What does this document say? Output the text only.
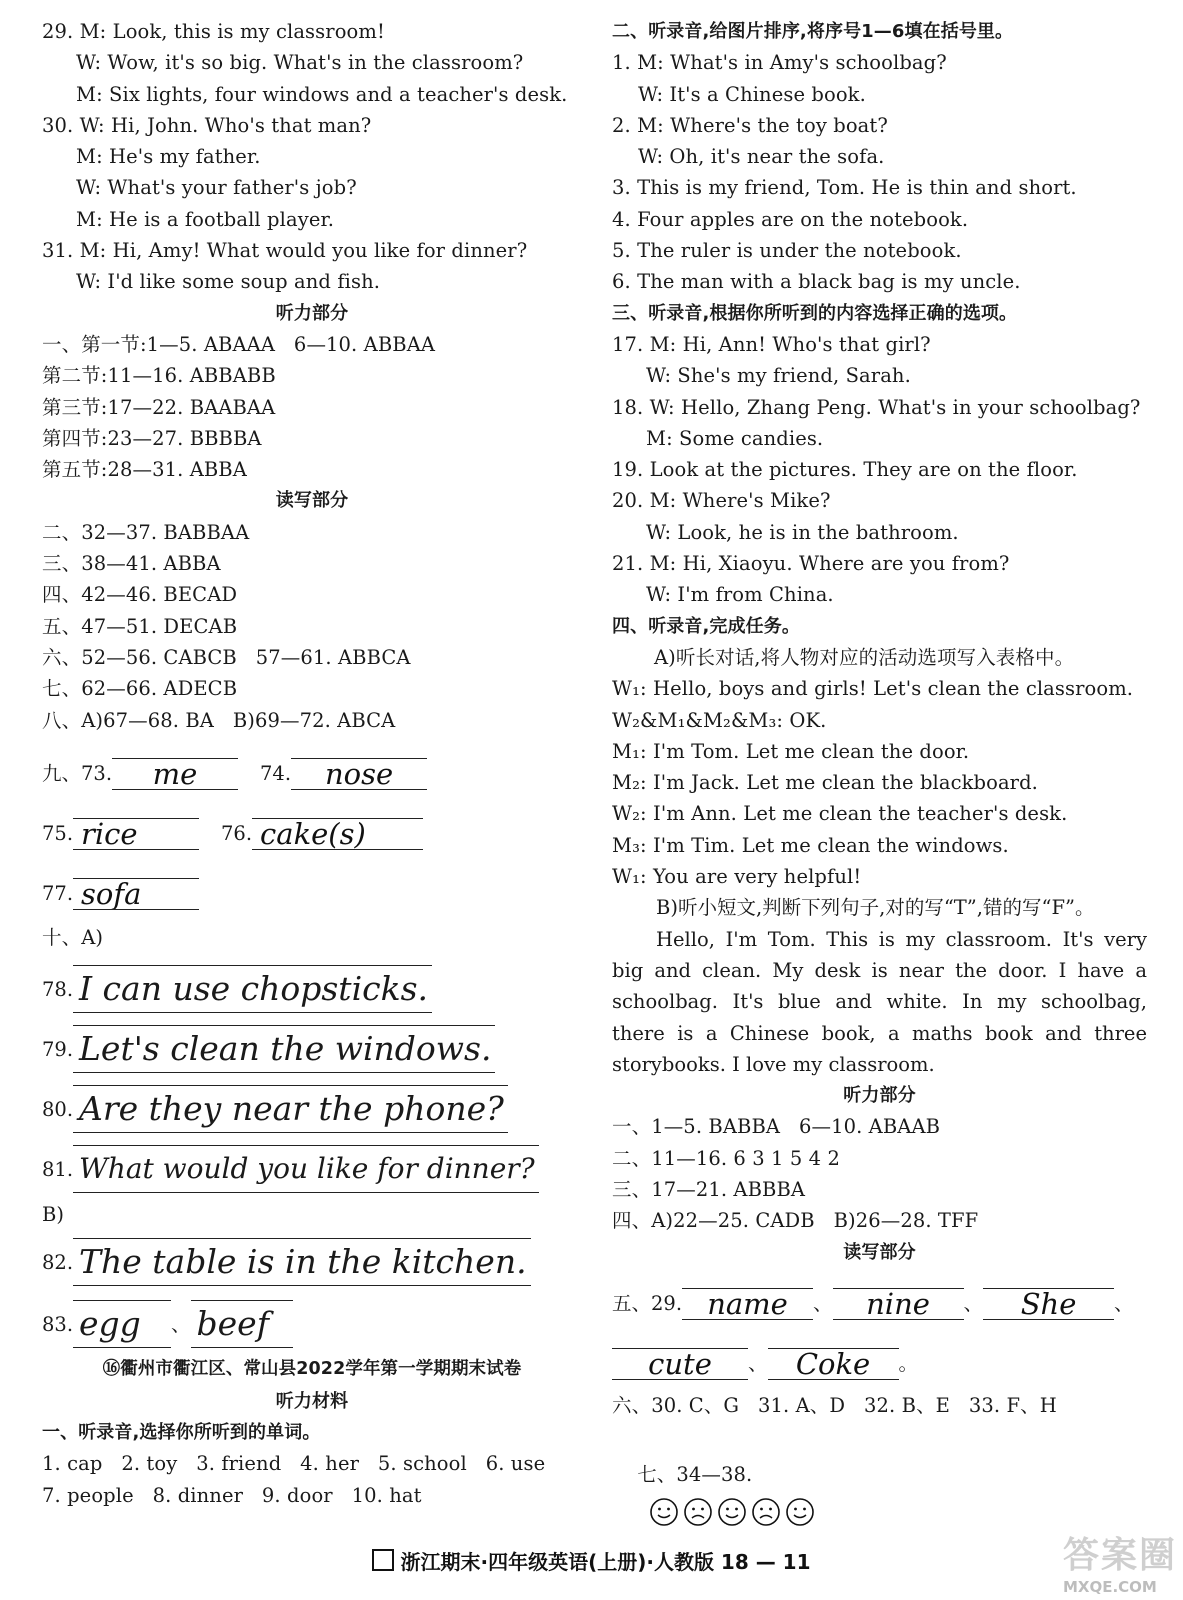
29. M: Look, this is my classroom!
W: Wow, it's so big. What's in the classroom?
M: Six lights, four windows and a teacher's desk.
30. W: Hi, John. Who's that man?
M: He's my father.
W: What's your father's job?
M: He is a football player.
31. M: Hi, Amy! What would you like for dinner?
W: I'd like some soup and fish.
听力部分
一、第一节:1—5. ABAAA   6—10. ABBAA
第二节:11—16. ABBABB
第三节:17—22. BAABAA
第四节:23—27. BBBBA
第五节:28—31. ABBA
读写部分
二、32—37. BABBAA
三、38—41. ABBA
四、42—46. BECAD
五、47—51. DECAB
六、52—56. CABCB   57—61. ABBCA
七、62—66. ADECB
八、A)67—68. BA   B)69—72. ABCA
九、73.	me	74.	nose
75. rice	76. cake(s)
77. sofa
十、A)
78. I can use chopsticks.
79. Let's clean the windows.
80. Are they near the phone?
81. What would you like for dinner?
B)
82. The table is in the kitchen.
83. egg	、 beef
⑯衢州市衢江区、常山县2022学年第一学期期末试卷
听力材料
一、听录音,选择你所听到的单词。
1. cap   2. toy   3. friend   4. her   5. school   6. use
7. people   8. dinner   9. door   10. hat
二、听录音,给图片排序,将序号1—6填在括号里。
1. M: What's in Amy's schoolbag?
W: It's a Chinese book.
2. M: Where's the toy boat?
W: Oh, it's near the sofa.
3. This is my friend, Tom. He is thin and short.
4. Four apples are on the notebook.
5. The ruler is under the notebook.
6. The man with a black bag is my uncle.
三、听录音,根据你所听到的内容选择正确的选项。
17. M: Hi, Ann! Who's that girl?
W: She's my friend, Sarah.
18. W: Hello, Zhang Peng. What's in your schoolbag?
M: Some candies.
19. Look at the pictures. They are on the floor.
20. M: Where's Mike?
W: Look, he is in the bathroom.
21. M: Hi, Xiaoyu. Where are you from?
W: I'm from China.
四、听录音,完成任务。
A)听长对话,将人物对应的活动选项写入表格中。
W₁: Hello, boys and girls! Let's clean the classroom.
W₂&M₁&M₂&M₃: OK.
M₁: I'm Tom. Let me clean the door.
M₂: I'm Jack. Let me clean the blackboard.
W₂: I'm Ann. Let me clean the teacher's desk.
M₃: I'm Tim. Let me clean the windows.
W₁: You are very helpful!
B)听小短文,判断下列句子,对的写“T”,错的写“F”。
Hello, I'm Tom. This is my classroom. It's very big and clean. My desk is near the door. I have a schoolbag. It's blue and white. In my schoolbag, there is a Chinese book, a maths book and three storybooks. I love my classroom.
听力部分
一、1—5. BABBA   6—10. ABAAB
二、11—16. 6 3 1 5 4 2
三、17—21. ABBBA
四、A)22—25. CADB   B)26—28. TFF
读写部分
五、29. name	、	nine	、	She	、
cute	、 Coke	。
六、30. C、G   31. A、D   32. B、E   33. F、H

七、34—38.

浙江期末·四年级英语(上册)·人教版 18 — 11	答案圈
MXQE.COM
